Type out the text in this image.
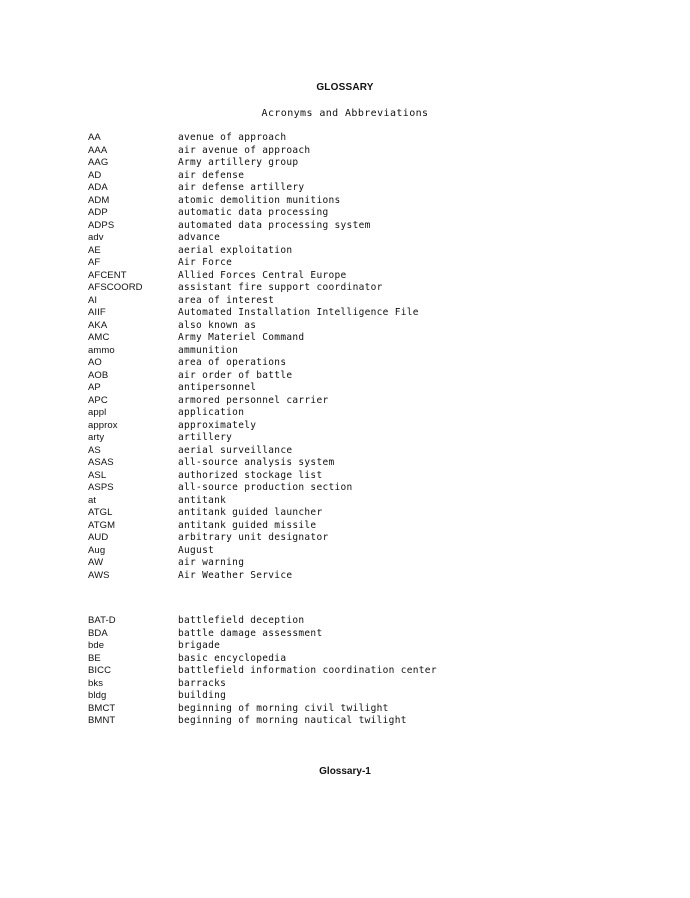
GLOSSARY
Acronyms and Abbreviations
AA	avenue of approach
AAA	air avenue of approach
AAG	Army artillery group
AD	air defense
ADA	air defense artillery
ADM	atomic demolition munitions
ADP	automatic data processing
ADPS	automated data processing system
adv	advance
AE	aerial exploitation
AF	Air Force
AFCENT	Allied Forces Central Europe
AFSCOORD	assistant fire support coordinator
AI	area of interest
AIIF	Automated Installation Intelligence File
AKA	also known as
AMC	Army Materiel Command
ammo	ammunition
AO	area of operations
AOB	air order of battle
AP	antipersonnel
APC	armored personnel carrier
appl	application
approx	approximately
arty	artillery
AS	aerial surveillance
ASAS	all-source analysis system
ASL	authorized stockage list
ASPS	all-source production section
at	antitank
ATGL	antitank guided launcher
ATGM	antitank guided missile
AUD	arbitrary unit designator
Aug	August
AW	air warning
AWS	Air Weather Service
BAT-D	battlefield deception
BDA	battle damage assessment
bde	brigade
BE	basic encyclopedia
BICC	battlefield information coordination center
bks	barracks
bldg	building
BMCT	beginning of morning civil twilight
BMNT	beginning of morning nautical twilight
Glossary-1
